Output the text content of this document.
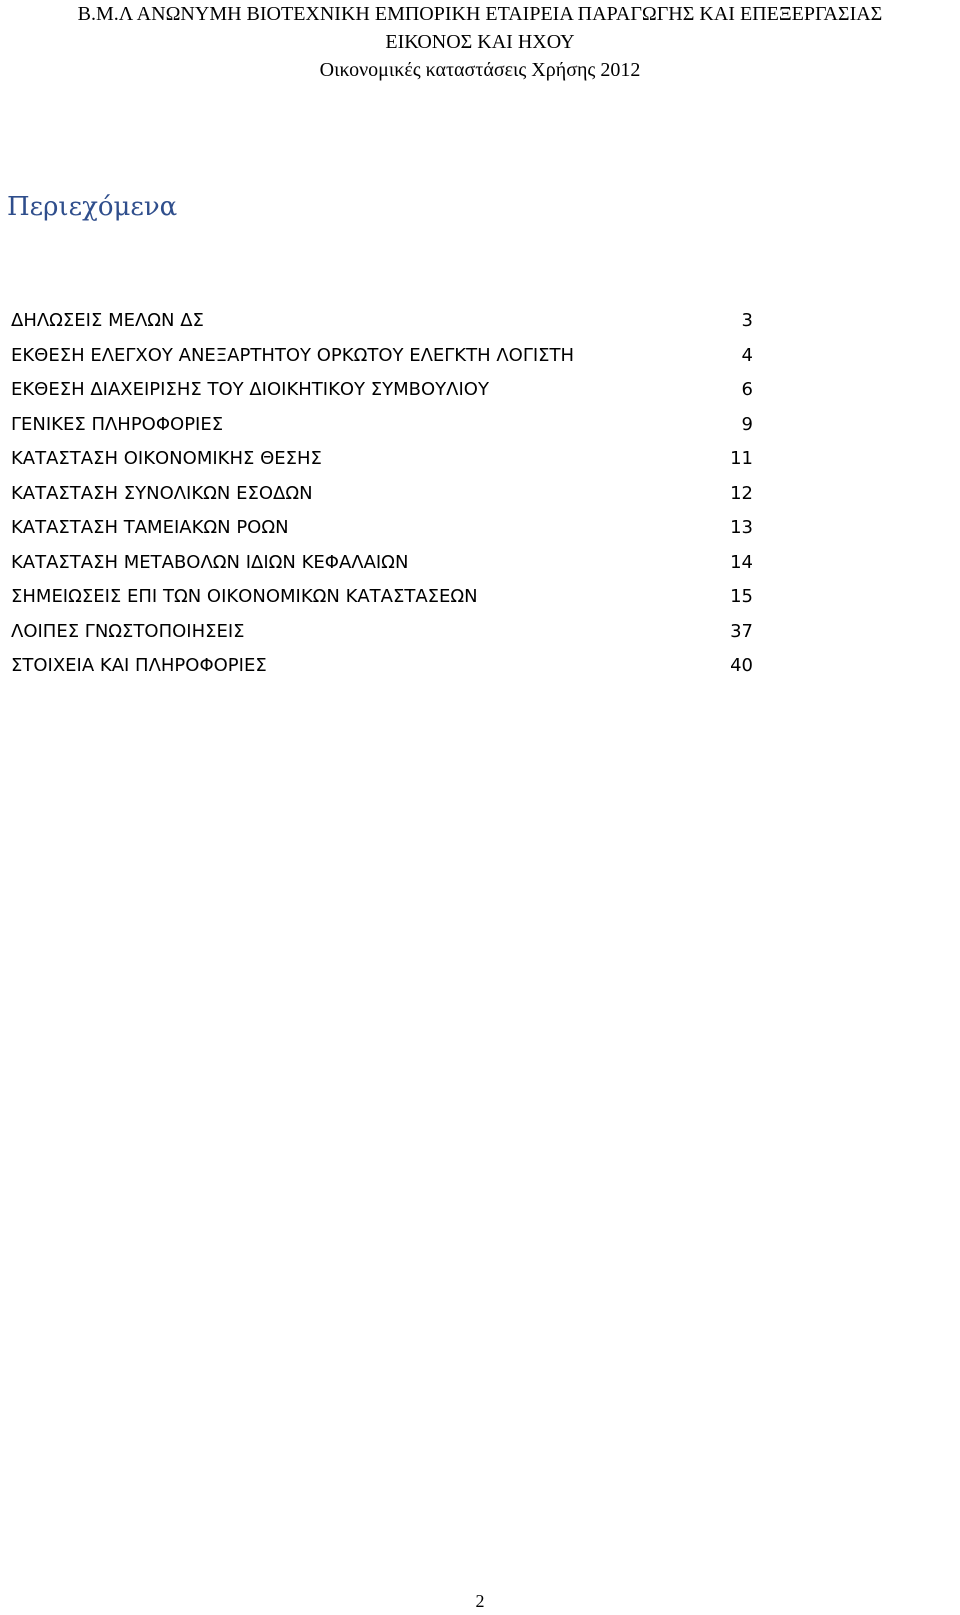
Β.Μ.Λ ΑΝΩΝΥΜΗ ΒΙΟΤΕΧΝΙΚΗ ΕΜΠΟΡΙΚΗ ΕΤΑΙΡΕΙΑ ΠΑΡΑΓΩΓΗΣ ΚΑΙ ΕΠΕΞΕΡΓΑΣΙΑΣ
ΕΙΚΟΝΟΣ ΚΑΙ ΗΧΟΥ
Οικονομικές καταστάσεις Χρήσης 2012
Περιεχόμενα
ΔΗΛΩΣΕΙΣ ΜΕΛΩΝ ΔΣ	3
ΕΚΘΕΣΗ ΕΛΕΓΧΟΥ ΑΝΕΞΑΡΤΗΤΟΥ ΟΡΚΩΤΟΥ ΕΛΕΓΚΤΗ ΛΟΓΙΣΤΗ	4
ΕΚΘΕΣΗ ΔΙΑΧΕΙΡΙΣΗΣ ΤΟΥ ΔΙΟΙΚΗΤΙΚΟΥ ΣΥΜΒΟΥΛΙΟΥ	6
ΓΕΝΙΚΕΣ ΠΛΗΡΟΦΟΡΙΕΣ	9
ΚΑΤΑΣΤΑΣΗ ΟΙΚΟΝΟΜΙΚΗΣ ΘΕΣΗΣ	11
ΚΑΤΑΣΤΑΣΗ ΣΥΝΟΛΙΚΩΝ ΕΣΟΔΩΝ	12
ΚΑΤΑΣΤΑΣΗ ΤΑΜΕΙΑΚΩΝ ΡΟΩΝ	13
ΚΑΤΑΣΤΑΣΗ ΜΕΤΑΒΟΛΩΝ ΙΔΙΩΝ ΚΕΦΑΛΑΙΩΝ	14
ΣΗΜΕΙΩΣΕΙΣ ΕΠΙ ΤΩΝ ΟΙΚΟΝΟΜΙΚΩΝ ΚΑΤΑΣΤΑΣΕΩΝ	15
ΛΟΙΠΕΣ ΓΝΩΣΤΟΠΟΙΗΣΕΙΣ	37
ΣΤΟΙΧΕΙΑ ΚΑΙ ΠΛΗΡΟΦΟΡΙΕΣ	40
2
